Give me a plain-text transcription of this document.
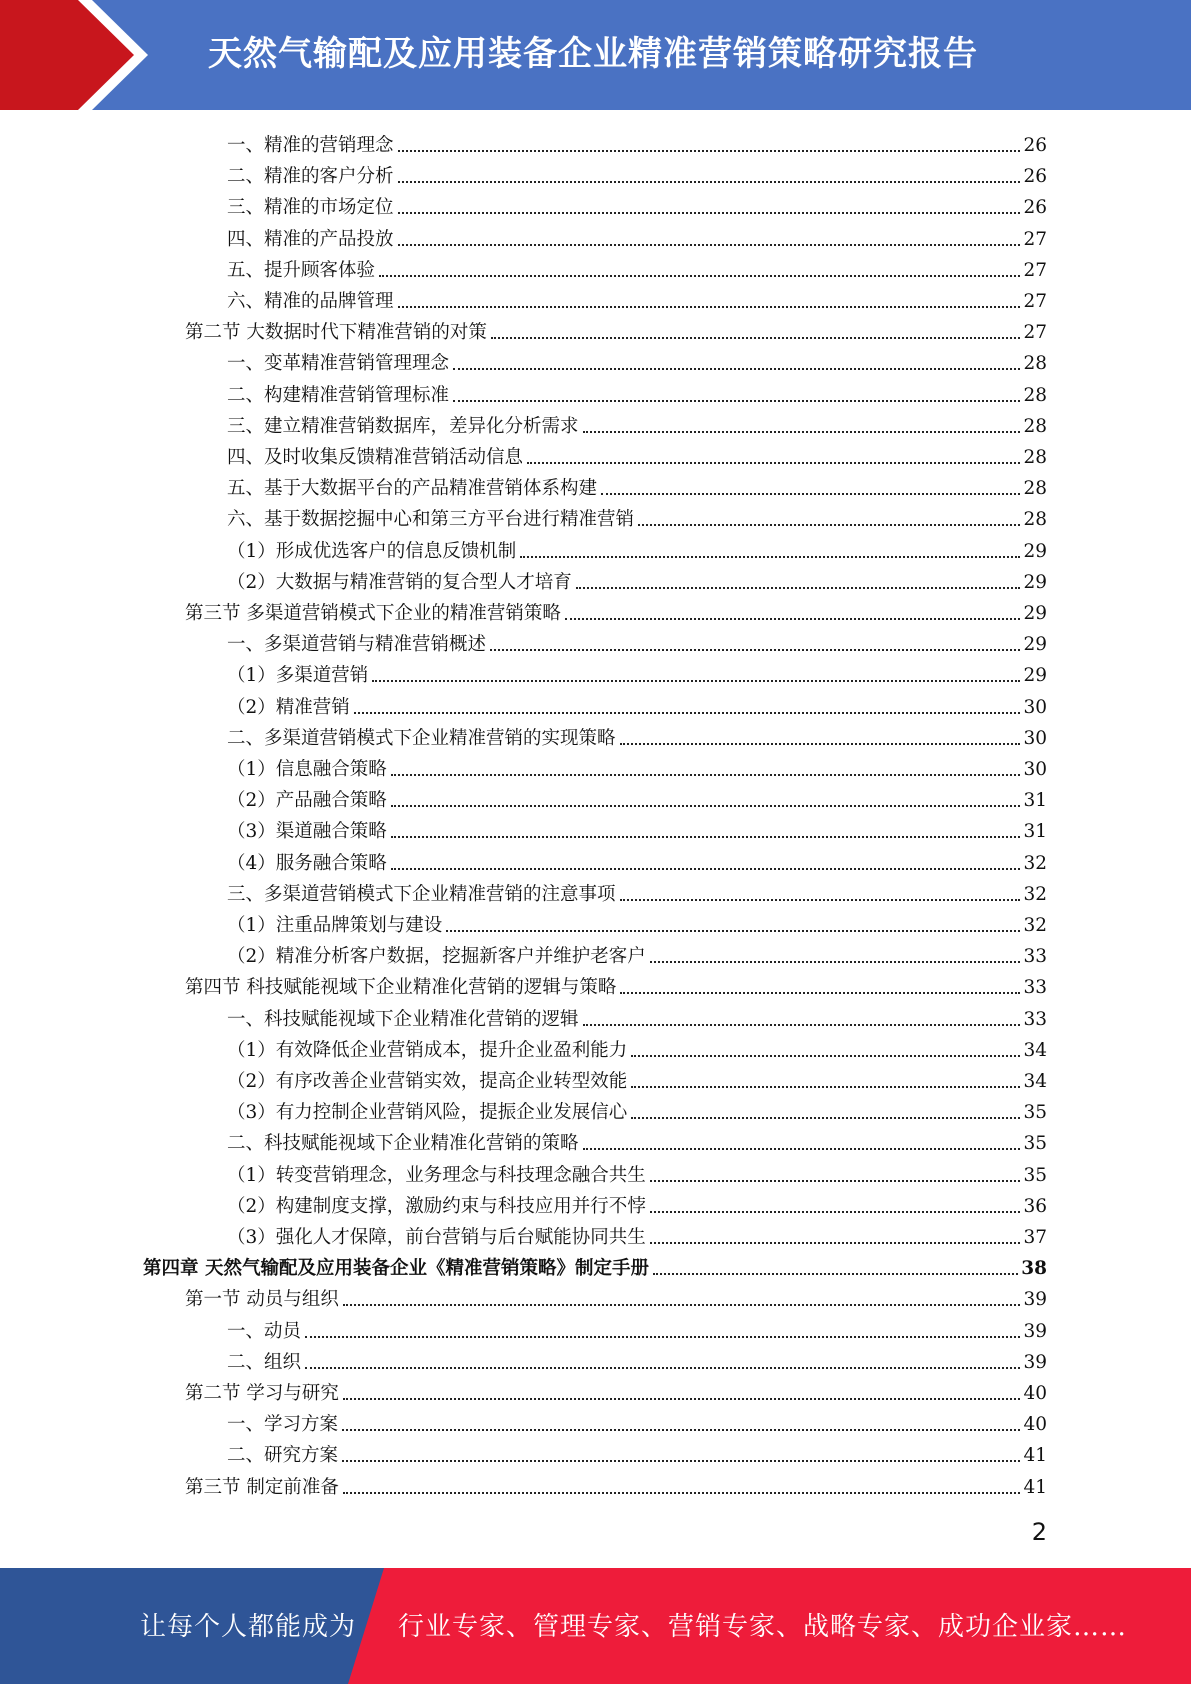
天然气输配及应用装备企业精准营销策略研究报告
一、精准的营销理念	26
二、精准的客户分析	26
三、精准的市场定位	26
四、精准的产品投放	27
五、提升顾客体验	27
六、精准的品牌管理	27
第二节 大数据时代下精准营销的对策	27
一、变革精准营销管理理念	28
二、构建精准营销管理标准	28
三、建立精准营销数据库，差异化分析需求	28
四、及时收集反馈精准营销活动信息	28
五、基于大数据平台的产品精准营销体系构建	28
六、基于数据挖掘中心和第三方平台进行精准营销	28
（1）形成优选客户的信息反馈机制	29
（2）大数据与精准营销的复合型人才培育	29
第三节 多渠道营销模式下企业的精准营销策略	29
一、多渠道营销与精准营销概述	29
（1）多渠道营销	29
（2）精准营销	30
二、多渠道营销模式下企业精准营销的实现策略	30
（1）信息融合策略	30
（2）产品融合策略	31
（3）渠道融合策略	31
（4）服务融合策略	32
三、多渠道营销模式下企业精准营销的注意事项	32
（1）注重品牌策划与建设	32
（2）精准分析客户数据，挖掘新客户并维护老客户	33
第四节 科技赋能视域下企业精准化营销的逻辑与策略	33
一、科技赋能视域下企业精准化营销的逻辑	33
（1）有效降低企业营销成本，提升企业盈利能力	34
（2）有序改善企业营销实效，提高企业转型效能	34
（3）有力控制企业营销风险，提振企业发展信心	35
二、科技赋能视域下企业精准化营销的策略	35
（1）转变营销理念，业务理念与科技理念融合共生	35
（2）构建制度支撑，激励约束与科技应用并行不悖	36
（3）强化人才保障，前台营销与后台赋能协同共生	37
第四章 天然气输配及应用装备企业《精准营销策略》制定手册	38
第一节 动员与组织	39
一、动员	39
二、组织	39
第二节 学习与研究	40
一、学习方案	40
二、研究方案	41
第三节 制定前准备	41
2
让每个人都能成为 行业专家、管理专家、营销专家、战略专家、成功企业家……
